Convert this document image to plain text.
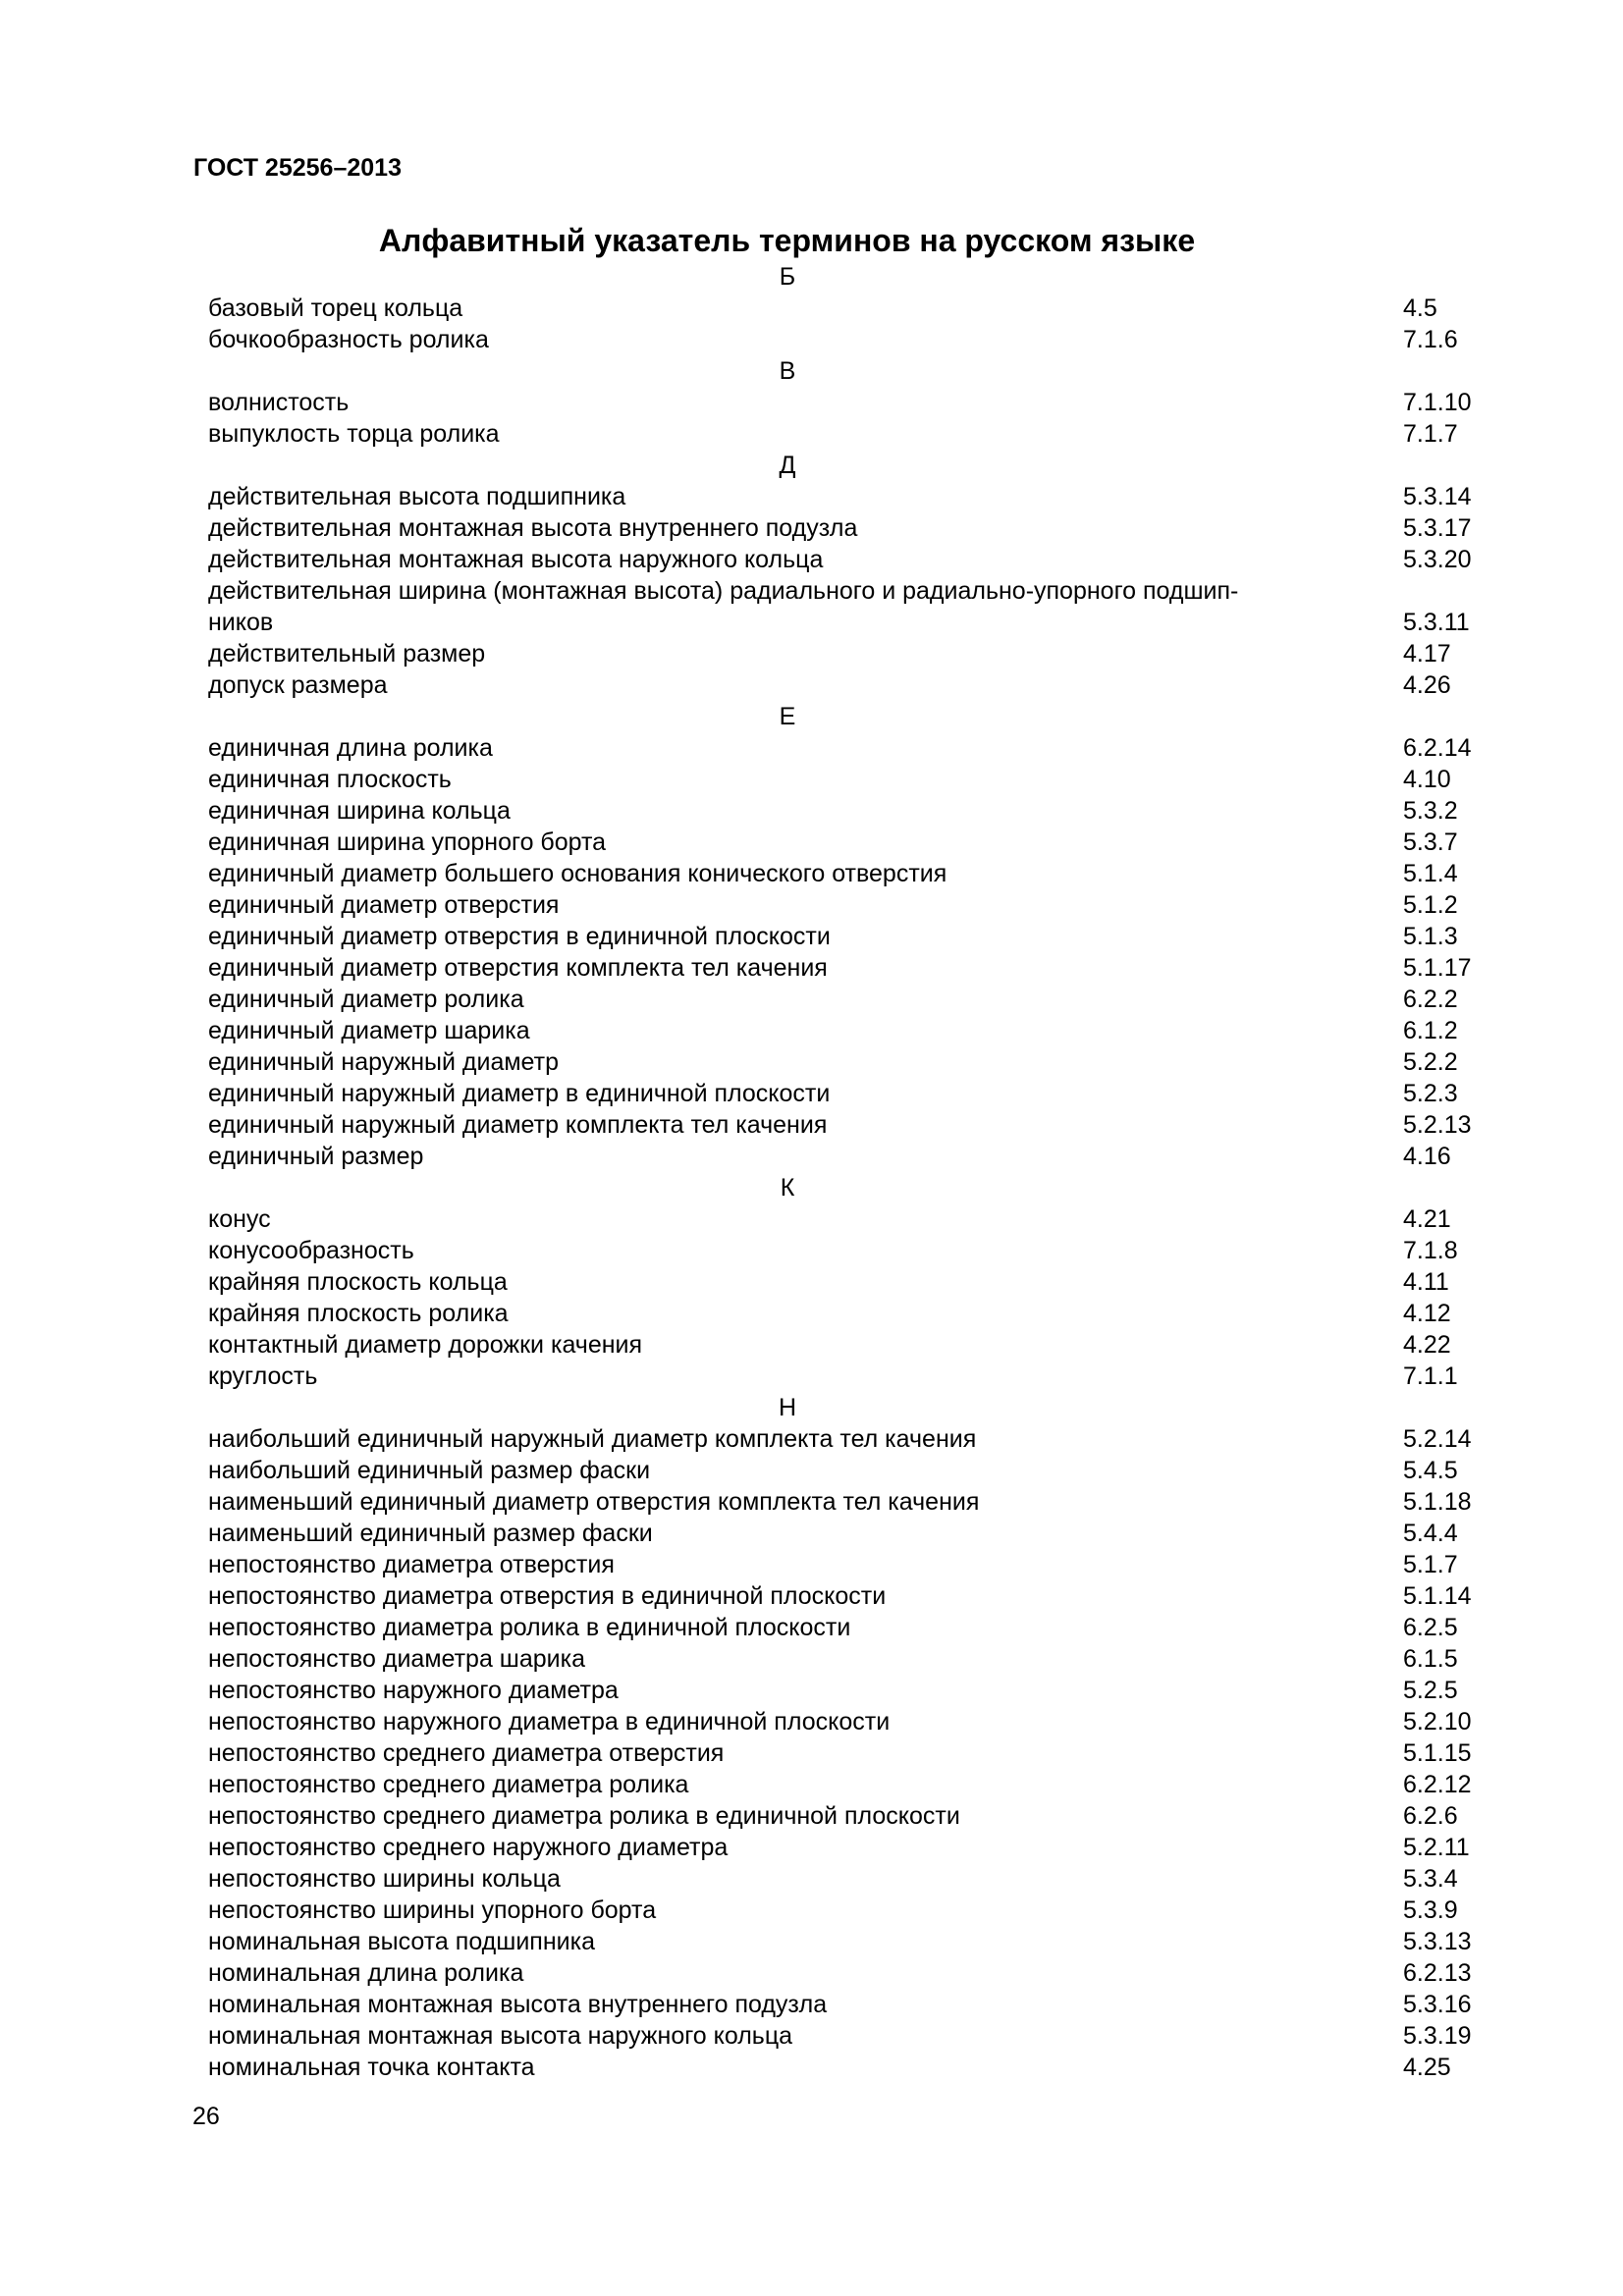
ГОСТ 25256–2013
Алфавитный указатель терминов на русском языке
Б
базовый торец кольца	4.5
бочкообразность ролика	7.1.6
В
волнистость	7.1.10
выпуклость торца ролика	7.1.7
Д
действительная высота подшипника	5.3.14
действительная монтажная высота внутреннего подузла	5.3.17
действительная монтажная высота наружного кольца	5.3.20
действительная ширина (монтажная высота) радиального и радиально-упорного подшип-
ников	5.3.11
действительный размер	4.17
допуск размера	4.26
Е
единичная длина ролика	6.2.14
единичная плоскость	4.10
единичная ширина кольца	5.3.2
единичная ширина упорного борта	5.3.7
единичный диаметр большего основания конического отверстия	5.1.4
единичный диаметр отверстия	5.1.2
единичный диаметр отверстия в единичной плоскости	5.1.3
единичный диаметр отверстия комплекта тел качения	5.1.17
единичный диаметр ролика	6.2.2
единичный диаметр шарика	6.1.2
единичный наружный диаметр	5.2.2
единичный наружный диаметр в единичной плоскости	5.2.3
единичный наружный диаметр комплекта тел качения	5.2.13
единичный размер	4.16
К
конус	4.21
конусообразность	7.1.8
крайняя плоскость кольца	4.11
крайняя плоскость ролика	4.12
контактный диаметр дорожки качения	4.22
круглость	7.1.1
Н
наибольший единичный наружный диаметр комплекта тел качения	5.2.14
наибольший единичный размер фаски	5.4.5
наименьший единичный диаметр отверстия комплекта тел качения	5.1.18
наименьший единичный размер фаски	5.4.4
непостоянство диаметра отверстия	5.1.7
непостоянство диаметра отверстия в единичной плоскости	5.1.14
непостоянство диаметра ролика в единичной плоскости	6.2.5
непостоянство диаметра шарика	6.1.5
непостоянство наружного диаметра	5.2.5
непостоянство наружного диаметра в единичной плоскости	5.2.10
непостоянство среднего диаметра отверстия	5.1.15
непостоянство среднего диаметра ролика	6.2.12
непостоянство среднего диаметра ролика в единичной плоскости	6.2.6
непостоянство среднего наружного диаметра	5.2.11
непостоянство ширины кольца	5.3.4
непостоянство ширины упорного борта	5.3.9
номинальная высота подшипника	5.3.13
номинальная длина ролика	6.2.13
номинальная монтажная высота внутреннего подузла	5.3.16
номинальная монтажная высота наружного кольца	5.3.19
номинальная точка контакта	4.25
26
